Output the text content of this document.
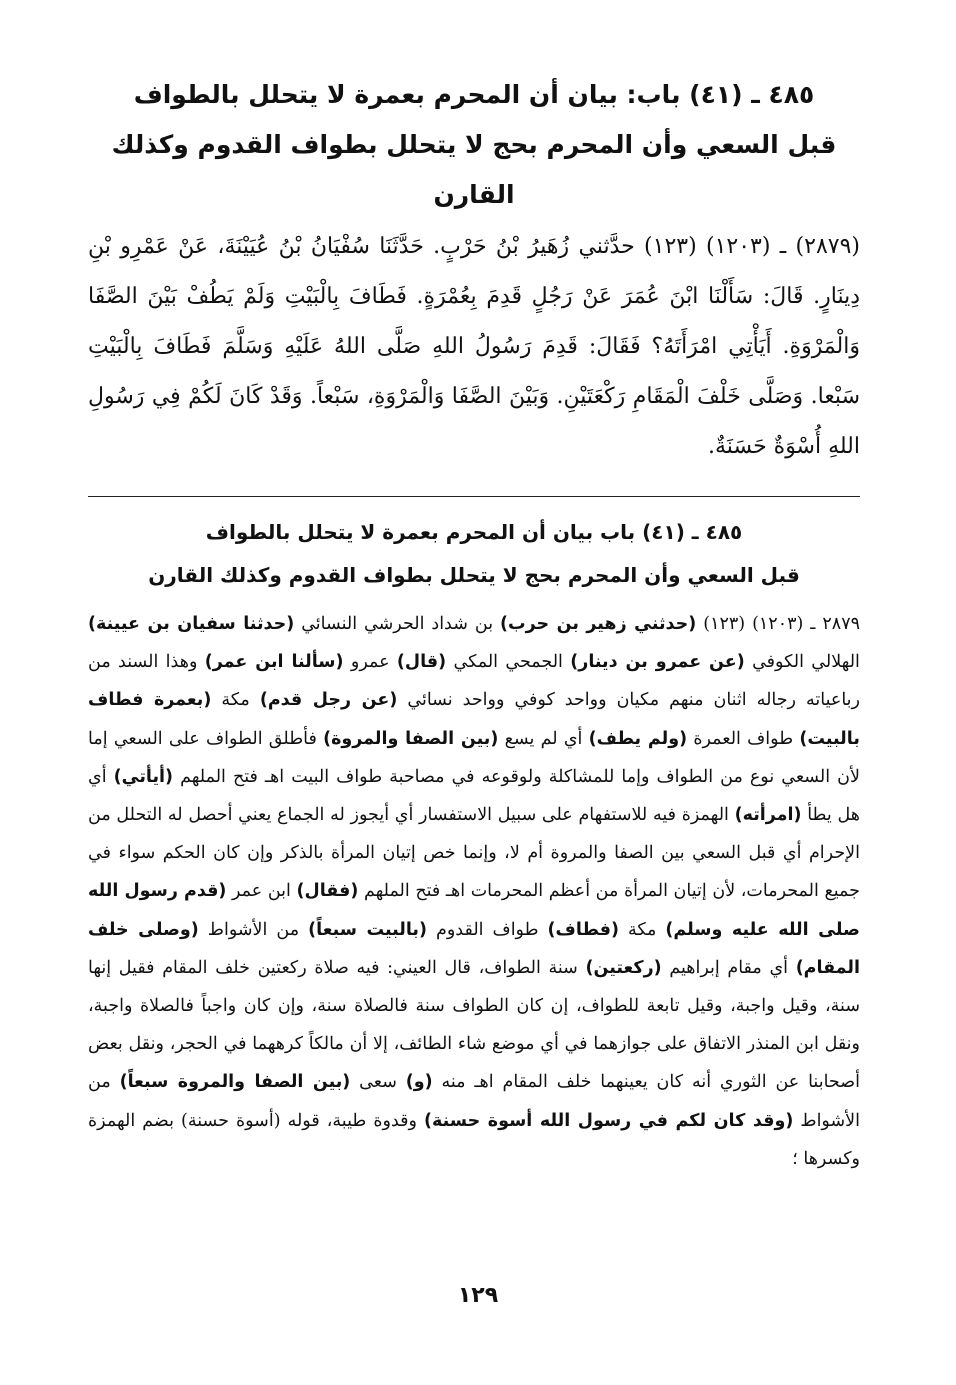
٤٨٥ ـ (٤١) باب: بيان أن المحرم بعمرة لا يتحلل بالطواف
قبل السعي وأن المحرم بحج لا يتحلل بطواف القدوم وكذلك القارن

(٢٨٧٩) ـ (١٢٠٣) (١٢٣) حدَّثني زُهَيرُ بْنُ حَرْبٍ. حَدَّثَنَا سُفْيَانُ بْنُ عُيَيْنَةَ، عَنْ عَمْرِو بْنِ دِينَارٍ. قَالَ: سَأَلْنَا ابْنَ عُمَرَ عَنْ رَجُلٍ قَدِمَ بِعُمْرَةٍ. فَطَافَ بِالْبَيْتِ وَلَمْ يَطُفْ بَيْنَ الصَّفَا وَالْمَرْوَةِ. أَيَأْتِي امْرَأَتَهُ؟ فَقَالَ: قَدِمَ رَسُولُ اللهِ صَلَّى اللهُ عَلَيْهِ وَسَلَّمَ فَطَافَ بِالْبَيْتِ سَبْعا. وَصَلَّى خَلْفَ الْمَقَامِ رَكْعَتَيْنِ. وَبَيْنَ الصَّفَا وَالْمَرْوَةِ، سَبْعاً. وَقَدْ كَانَ لَكُمْ فِي رَسُولِ اللهِ أُسْوَةٌ حَسَنَةٌ.

٤٨٥ ـ (٤١) باب بيان أن المحرم بعمرة لا يتحلل بالطواف
قبل السعي وأن المحرم بحج لا يتحلل بطواف القدوم وكذلك القارن

٢٨٧٩ ـ (١٢٠٣) (١٢٣) (حدثني زهير بن حرب) بن شداد الحرشي النسائي (حدثنا سفيان بن عيينة) الهلالي الكوفي (عن عمرو بن دينار) الجمحي المكي (قال) عمرو (سألنا ابن عمر) وهذا السند من رباعياته رجاله اثنان منهم مكيان وواحد كوفي وواحد نسائي (عن رجل قدم) مكة (بعمرة فطاف بالبيت) طواف العمرة (ولم يطف) أي لم يسع (بين الصفا والمروة) فأطلق الطواف على السعي إما لأن السعي نوع من الطواف وإما للمشاكلة ولوقوعه في مصاحبة طواف البيت اهـ فتح الملهم (أيأتي) أي هل يطأ (امرأته) الهمزة فيه للاستفهام على سبيل الاستفسار أي أيجوز له الجماع يعني أحصل له التحلل من الإحرام أي قبل السعي بين الصفا والمروة أم لا، وإنما خص إتيان المرأة بالذكر وإن كان الحكم سواء في جميع المحرمات، لأن إتيان المرأة من أعظم المحرمات اهـ فتح الملهم (فقال) ابن عمر (قدم رسول الله صلى الله عليه وسلم) مكة (فطاف) طواف القدوم (بالبيت سبعاً) من الأشواط (وصلى خلف المقام) أي مقام إبراهيم (ركعتين) سنة الطواف، قال العيني: فيه صلاة ركعتين خلف المقام فقيل إنها سنة، وقيل واجبة، وقيل تابعة للطواف، إن كان الطواف سنة فالصلاة سنة، وإن كان واجباً فالصلاة واجبة، ونقل ابن المنذر الاتفاق على جوازهما في أي موضع شاء الطائف، إلا أن مالكاً كرههما في الحجر، ونقل بعض أصحابنا عن الثوري أنه كان يعينهما خلف المقام اهـ منه (و) سعى (بين الصفا والمروة سبعاً) من الأشواط (وقد كان لكم في رسول الله أسوة حسنة) وقدوة طيبة، قوله (أسوة حسنة) بضم الهمزة وكسرها ؛

١٢٩
